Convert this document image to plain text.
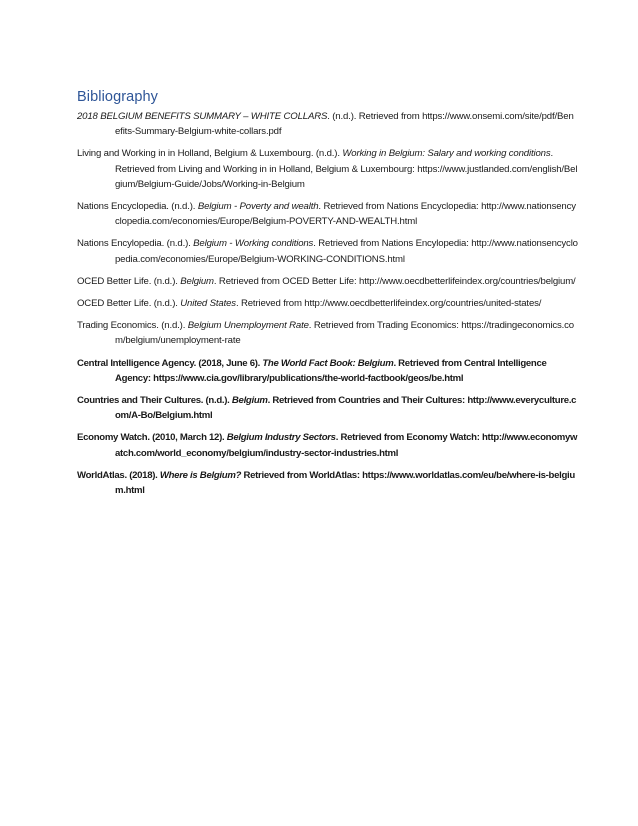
Bibliography

2018 BELGIUM BENEFITS SUMMARY – WHITE COLLARS. (n.d.). Retrieved from https://www.onsemi.com/site/pdf/Benefits-Summary-Belgium-white-collars.pdf

Living and Working in in Holland, Belgium & Luxembourg. (n.d.). Working in Belgium: Salary and working conditions. Retrieved from Living and Working in in Holland, Belgium & Luxembourg: https://www.justlanded.com/english/Belgium/Belgium-Guide/Jobs/Working-in-Belgium

Nations Encyclopedia. (n.d.). Belgium - Poverty and wealth. Retrieved from Nations Encyclopedia: http://www.nationsencyclopedia.com/economies/Europe/Belgium-POVERTY-AND-WEALTH.html

Nations Encylopedia. (n.d.). Belgium - Working conditions. Retrieved from Nations Encylopedia: http://www.nationsencyclopedia.com/economies/Europe/Belgium-WORKING-CONDITIONS.html

OCED Better Life. (n.d.). Belgium. Retrieved from OCED Better Life: http://www.oecdbetterlifeindex.org/countries/belgium/

OCED Better Life. (n.d.). United States. Retrieved from http://www.oecdbetterlifeindex.org/countries/united-states/

Trading Economics. (n.d.). Belgium Unemployment Rate. Retrieved from Trading Economics: https://tradingeconomics.com/belgium/unemployment-rate

Central Intelligence Agency. (2018, June 6). The World Fact Book: Belgium. Retrieved from Central Intelligence Agency: https://www.cia.gov/library/publications/the-world-factbook/geos/be.html

Countries and Their Cultures. (n.d.). Belgium. Retrieved from Countries and Their Cultures: http://www.everyculture.com/A-Bo/Belgium.html

Economy Watch. (2010, March 12). Belgium Industry Sectors. Retrieved from Economy Watch: http://www.economywatch.com/world_economy/belgium/industry-sector-industries.html

WorldAtlas. (2018). Where is Belgium? Retrieved from WorldAtlas: https://www.worldatlas.com/eu/be/where-is-belgium.html
